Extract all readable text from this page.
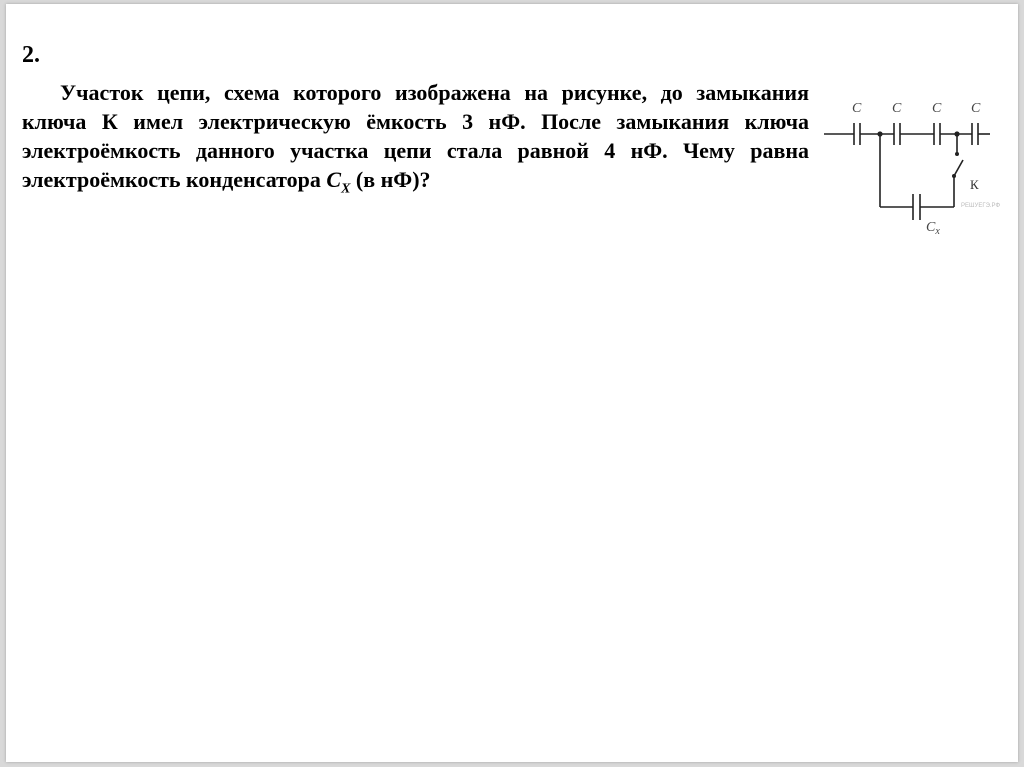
2.
Участок цепи, схема которого изображена на рисунке, до замыкания
ключа К имел электрическую ёмкость 3 нФ. После замыкания ключа
электроёмкость данного участка цепи стала равной 4 нФ. Чему равна
электроёмкость конденсатора $C_X$ (в нФ)?
C C C C
$C_x$
К
РЕШУЕГЭ.РФ
